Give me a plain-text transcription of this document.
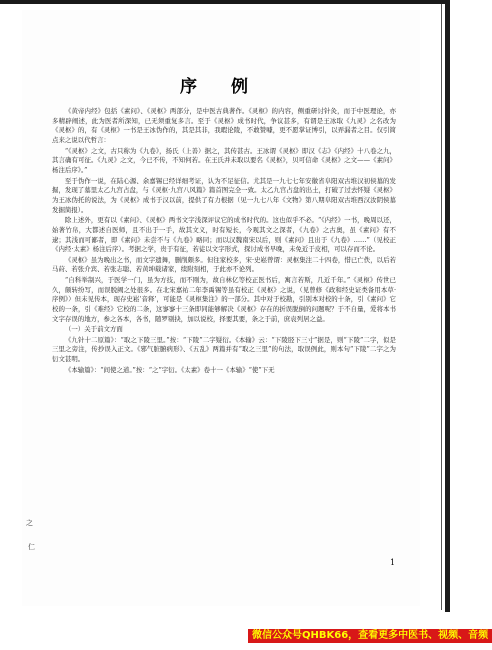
之
仁
序 例

《黄帝内经》包括《素问》、《灵枢》两部分，是中医古典著作。《灵枢》的内容，侧重研讨针灸，而于中医理论，亦多精辟阐述，此为医者所深知，已无须重复多言。至于《灵枢》成书时代，争议甚多，有谓是王冰取《九灵》之名改为《灵枢》的，有《灵枢》一书是王冰伪作的，其是其非，我暇论陵，不敢赞噱，更不愿掌证博引，以弄漏者之目。仅引简点来之说以代哲言：

“《灵枢》之文，古只称为《九卷》，扬氏（上善）据之，其传甚古。王冰谓《灵枢》即汉《志》《内经》十八卷之九，其言确有可征。《九灵》之文，今已不传，不知何若。在王氏并未取以要名《灵枢》，贝可信命《灵枢》之文——《素问》杨注后序》。”

至于伪作一说，在陆心源、余嘉锡已经详细考证，认为不足征信。尤其是一九七七年安徽省阜阳双古堆汉初侯墓的发掘，发现了墓里太乙九宫占盘，与《灵枢·九宫八风篇》篇首图完全一致。太乙九宫占盘的出土，打破了过去怀疑《灵枢》为王冰伪托的说法，为《灵枢》成书于汉以前，提供了有力根据（见一九七八年《文物》第八期阜阳双古堆西汉汝阴侯墓发掘简报）。

除上述外，更有以《素问》、《灵枢》两书文字浅深评议它的成书时代的。这也似乎不必。“《内经》一书，晚周以还，始著竹帛，大都述自医师，且不出于一手，故其文义，时有短长，今观其文之深者，《九卷》之古奥，虽《素问》有不逮；其浅而可鄙者，即《素问》未尝不与《九卷》略同；而以汉魏南宋以后，则《素问》且出于《九卷》……”（见校正《内经·太素》杨注后序）。考据之学，贵于有征，若徒以文字形式，探讨成书早晚，未免近于皮相，可以存而不论。

《灵枢》虽为晚出之书，而文字遗舞，删削颇多。但往家校多，宋·史崧曾谓：灵枢集注二十四卷，惜已亡佚，以后若马莳、若张介宾、若张志聪、若黄坤载诸家，续附刻相，于此亦不论列。

“自科举制兴，于医学一门，虽为方技，而不刚为，故自林亿等校正医书后，寓言若斯，几近千年。”《灵枢》传世已久，颇转纷写，而误脱阙之处很多。在北宋嘉祐二年李禹锡等虽有校正《灵枢》之说，（见曾修《政和经史证类备用本草·序例》）但未见传本，现存史崧‘音释’，可能是《灵枢集注》的一部分。其中对于校勘，引别本对校的十条，引《素问》它校的一条，引《难经》它校的二条，这寥寥十三条即同能够解决《灵枢》存在的折误脱倒的问题呢？于不自量，爱将本书文字存误的地方，参之各本，各书，随罗剔抉，加以说校，择要其要，条之于前，庶袁列居之益。

（一）关于前文方面

《九针十二原篇》：“取之下陵三里。”按：“下陵”二字疑衍。《本输》云：“下陵胫下三寸”据是，则“下陵”二字，似是三里之旁注，传抄误入正文。《邪气脏腑病形》、《五乱》两篇并有“取之三里”的句法，取误例此，则本句“下陵”二字之为衍文甚明。

《本输篇》：“间使之道。”按：“之”字衍。《太素》卷十一《本输》“使”下无

1
微信公众号QHBK66，查看更多中医书、视频、音频
